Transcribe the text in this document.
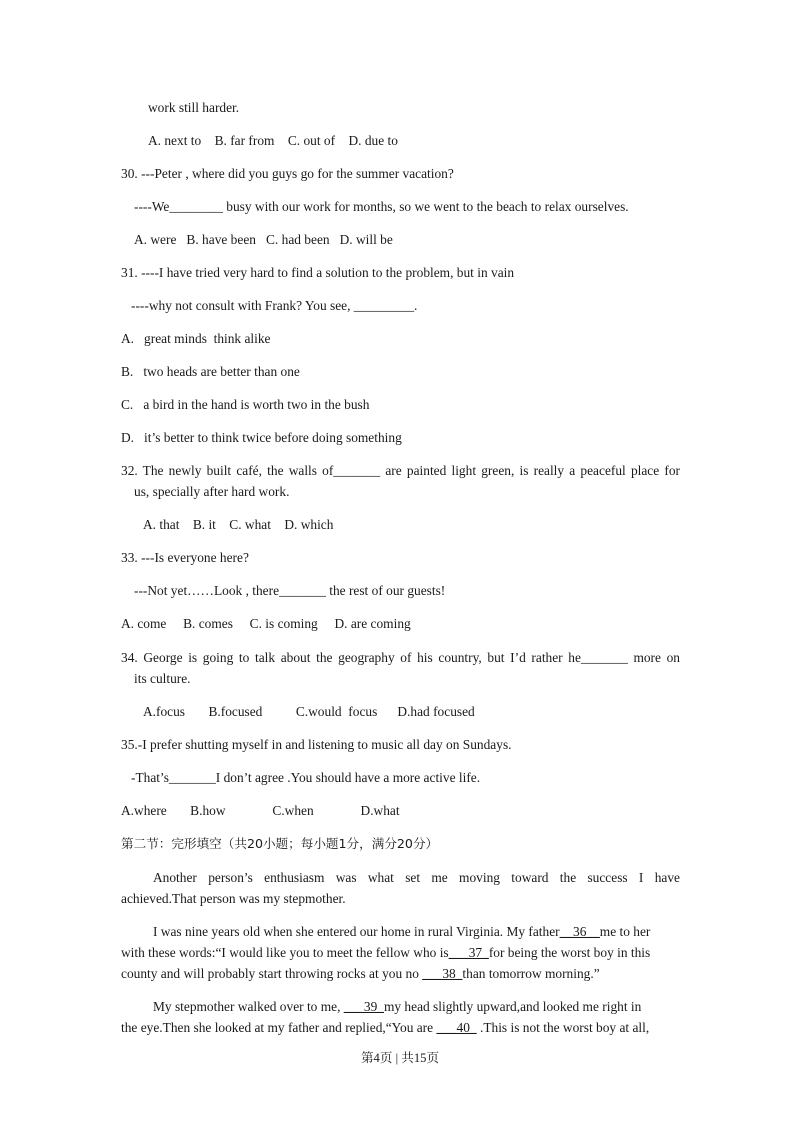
work still harder.
A. next to    B. far from    C. out of    D. due to
30. ---Peter , where did you guys go for the summer vacation?
----We________ busy with our work for months, so we went to the beach to relax ourselves.
A. were   B. have been   C. had been   D. will be
31. ----I have tried very hard to find a solution to the problem, but in vain
----why not consult with Frank? You see, _________.
A.   great minds  think alike
B.   two heads are better than one
C.   a bird in the hand is worth two in the bush
D.   it’s better to think twice before doing something
32. The newly built café, the walls of_______ are painted light green, is really a peaceful place for
us, specially after hard work.
A. that    B. it    C. what    D. which
33. ---Is everyone here?
---Not yet……Look , there_______ the rest of our guests!
A. come     B. comes     C. is coming     D. are coming
34. George is going to talk about the geography of his country, but I’d rather he_______ more on
its culture.
A.focus       B.focused          C.would  focus      D.had focused
35.-I prefer shutting myself in and listening to music all day on Sundays.
-That’s_______I don’t agree .You should have a more active life.
A.where       B.how              C.when              D.what
第二节：完形填空（共20小题；每小题1分，满分20分）
Another person’s enthusiasm was what set me moving toward the success I have
achieved.That person was my stepmother.
I was nine years old when she entered our home in rural Virginia. My father__36__me to her
with these words:“I would like you to meet the fellow who is___37_for being the worst boy in this
county and will probably start throwing rocks at you no ___38_than tomorrow morning.”
My stepmother walked over to me, ___39_my head slightly upward,and looked me right in
the eye.Then she looked at my father and replied,“You are ___40_ .This is not the worst boy at all,
第4页 | 共15页
